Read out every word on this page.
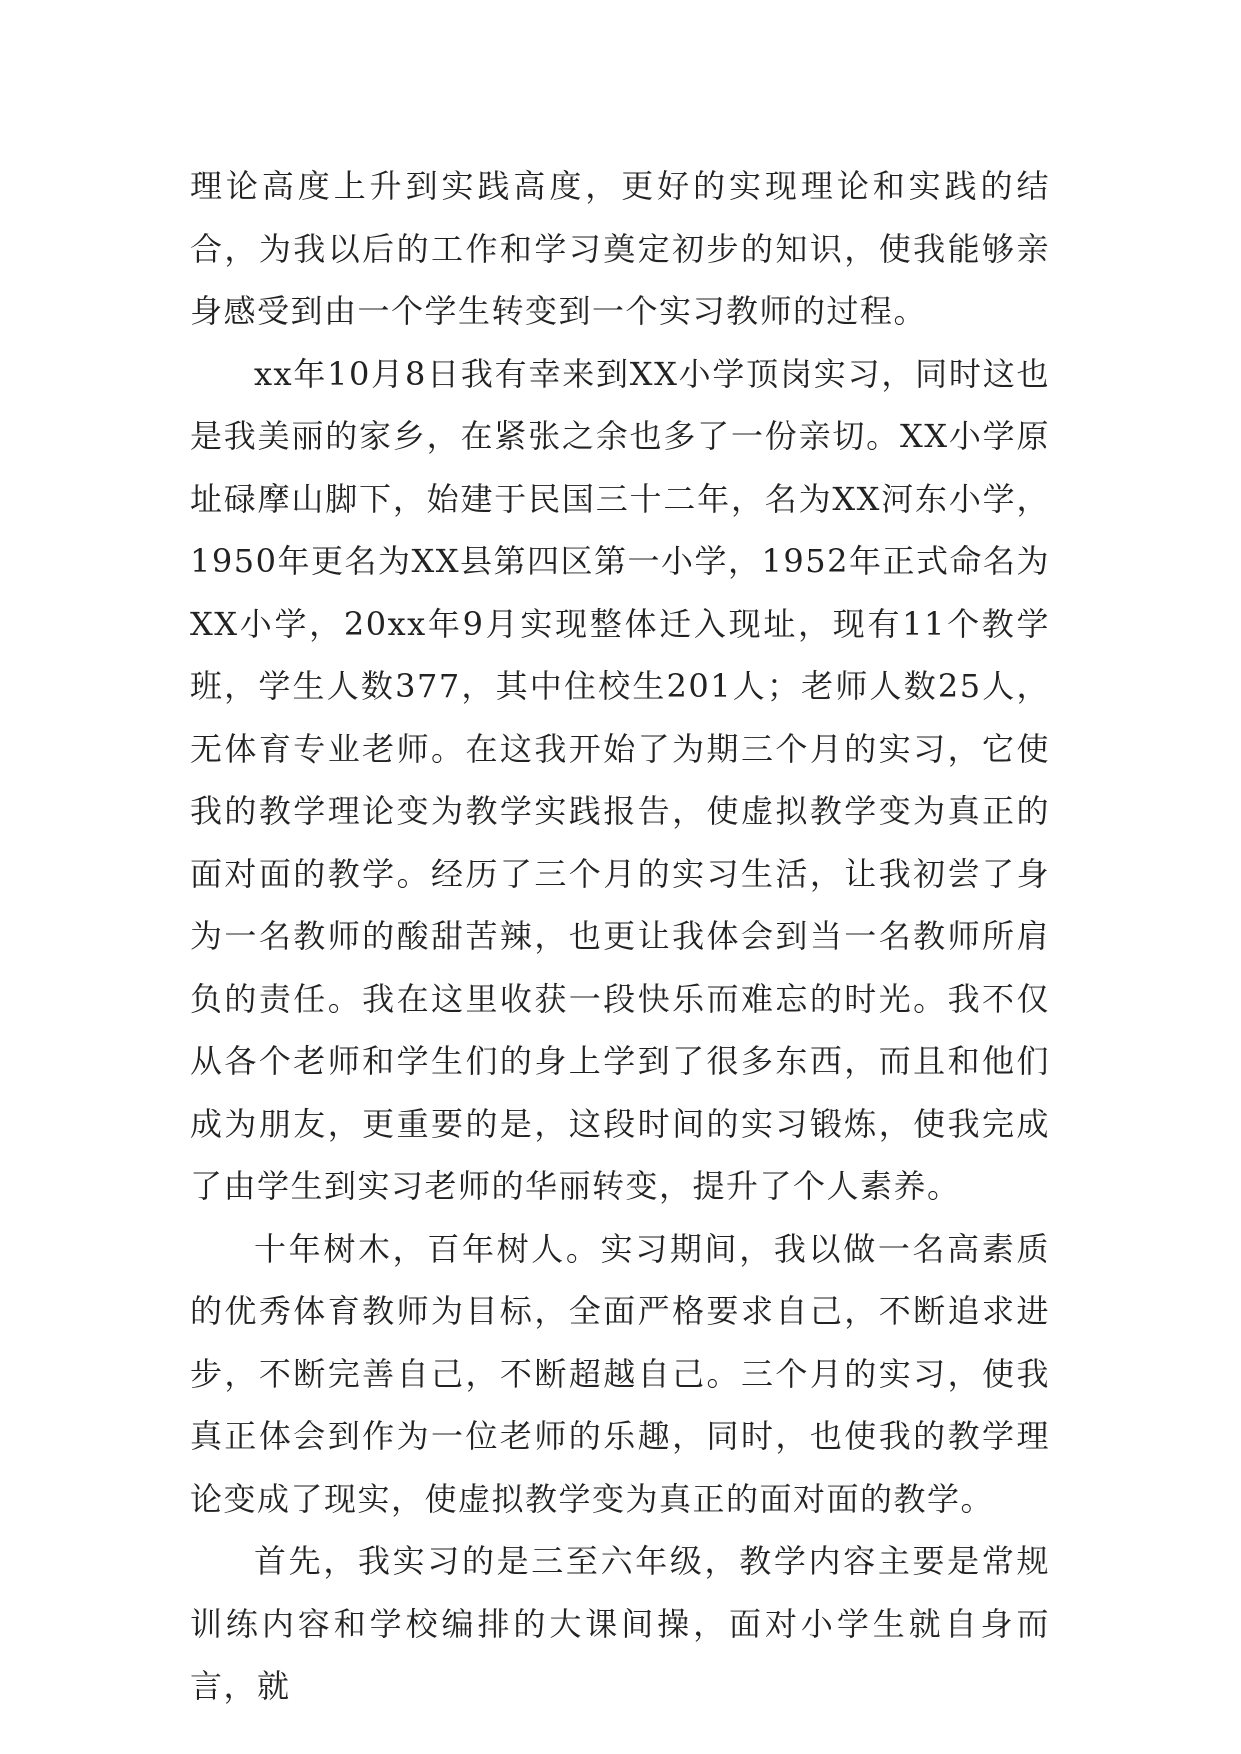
理论高度上升到实践高度，更好的实现理论和实践的结合，为我以后的工作和学习奠定初步的知识，使我能够亲身感受到由一个学生转变到一个实习教师的过程。

xx年10月8日我有幸来到XX小学顶岗实习，同时这也是我美丽的家乡，在紧张之余也多了一份亲切。XX小学原址碌摩山脚下，始建于民国三十二年，名为XX河东小学，1950年更名为XX县第四区第一小学，1952年正式命名为XX小学，20xx年9月实现整体迁入现址，现有11个教学班，学生人数377，其中住校生201人；老师人数25人，无体育专业老师。在这我开始了为期三个月的实习，它使我的教学理论变为教学实践报告，使虚拟教学变为真正的面对面的教学。经历了三个月的实习生活，让我初尝了身为一名教师的酸甜苦辣，也更让我体会到当一名教师所肩负的责任。我在这里收获一段快乐而难忘的时光。我不仅从各个老师和学生们的身上学到了很多东西，而且和他们成为朋友，更重要的是，这段时间的实习锻炼，使我完成了由学生到实习老师的华丽转变，提升了个人素养。

十年树木，百年树人。实习期间，我以做一名高素质的优秀体育教师为目标，全面严格要求自己，不断追求进步，不断完善自己，不断超越自己。三个月的实习，使我真正体会到作为一位老师的乐趣，同时，也使我的教学理论变成了现实，使虚拟教学变为真正的面对面的教学。

首先，我实习的是三至六年级，教学内容主要是常规训练内容和学校编排的大课间操，面对小学生就自身而言，就
